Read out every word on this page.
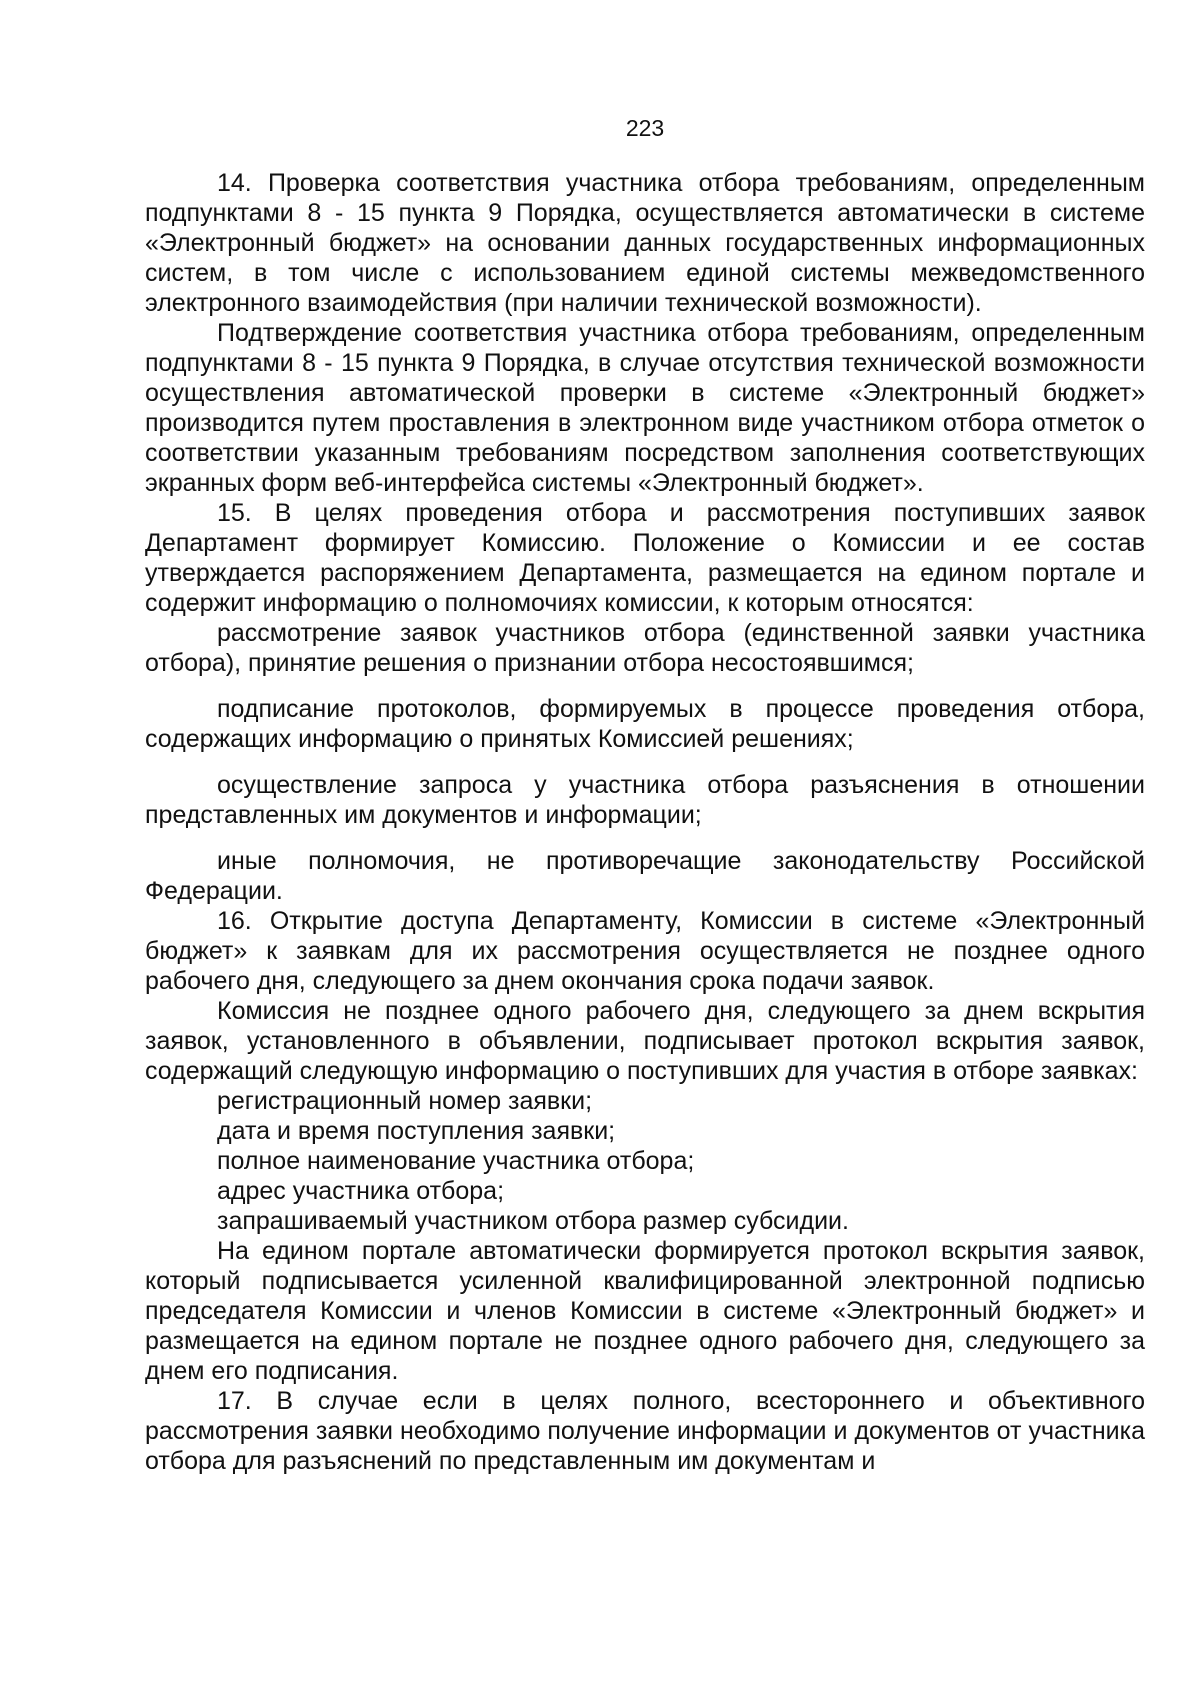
223

14. Проверка соответствия участника отбора требованиям, определенным подпунктами 8 - 15 пункта 9 Порядка, осуществляется автоматически в системе «Электронный бюджет» на основании данных государственных информационных систем, в том числе с использованием единой системы межведомственного электронного взаимодействия (при наличии технической возможности).

Подтверждение соответствия участника отбора требованиям, определенным подпунктами 8 - 15 пункта 9 Порядка, в случае отсутствия технической возможности осуществления автоматической проверки в системе «Электронный бюджет» производится путем проставления в электронном виде участником отбора отметок о соответствии указанным требованиям посредством заполнения соответствующих экранных форм веб-интерфейса системы «Электронный бюджет».

15. В целях проведения отбора и рассмотрения поступивших заявок Департамент формирует Комиссию. Положение о Комиссии и ее состав утверждается распоряжением Департамента, размещается на едином портале и содержит информацию о полномочиях комиссии, к которым относятся:

рассмотрение заявок участников отбора (единственной заявки участника отбора), принятие решения о признании отбора несостоявшимся;

подписание протоколов, формируемых в процессе проведения отбора, содержащих информацию о принятых Комиссией решениях;

осуществление запроса у участника отбора разъяснения в отношении представленных им документов и информации;

иные полномочия, не противоречащие законодательству Российской Федерации.

16. Открытие доступа Департаменту, Комиссии в системе «Электронный бюджет» к заявкам для их рассмотрения осуществляется не позднее одного рабочего дня, следующего за днем окончания срока подачи заявок.

Комиссия не позднее одного рабочего дня, следующего за днем вскрытия заявок, установленного в объявлении, подписывает протокол вскрытия заявок, содержащий следующую информацию о поступивших для участия в отборе заявках:

регистрационный номер заявки;

дата и время поступления заявки;

полное наименование участника отбора;

адрес участника отбора;

запрашиваемый участником отбора размер субсидии.

На едином портале автоматически формируется протокол вскрытия заявок, который подписывается усиленной квалифицированной электронной подписью председателя Комиссии и членов Комиссии в системе «Электронный бюджет» и размещается на едином портале не позднее одного рабочего дня, следующего за днем его подписания.

17. В случае если в целях полного, всестороннего и объективного рассмотрения заявки необходимо получение информации и документов от участника отбора для разъяснений по представленным им документам и
